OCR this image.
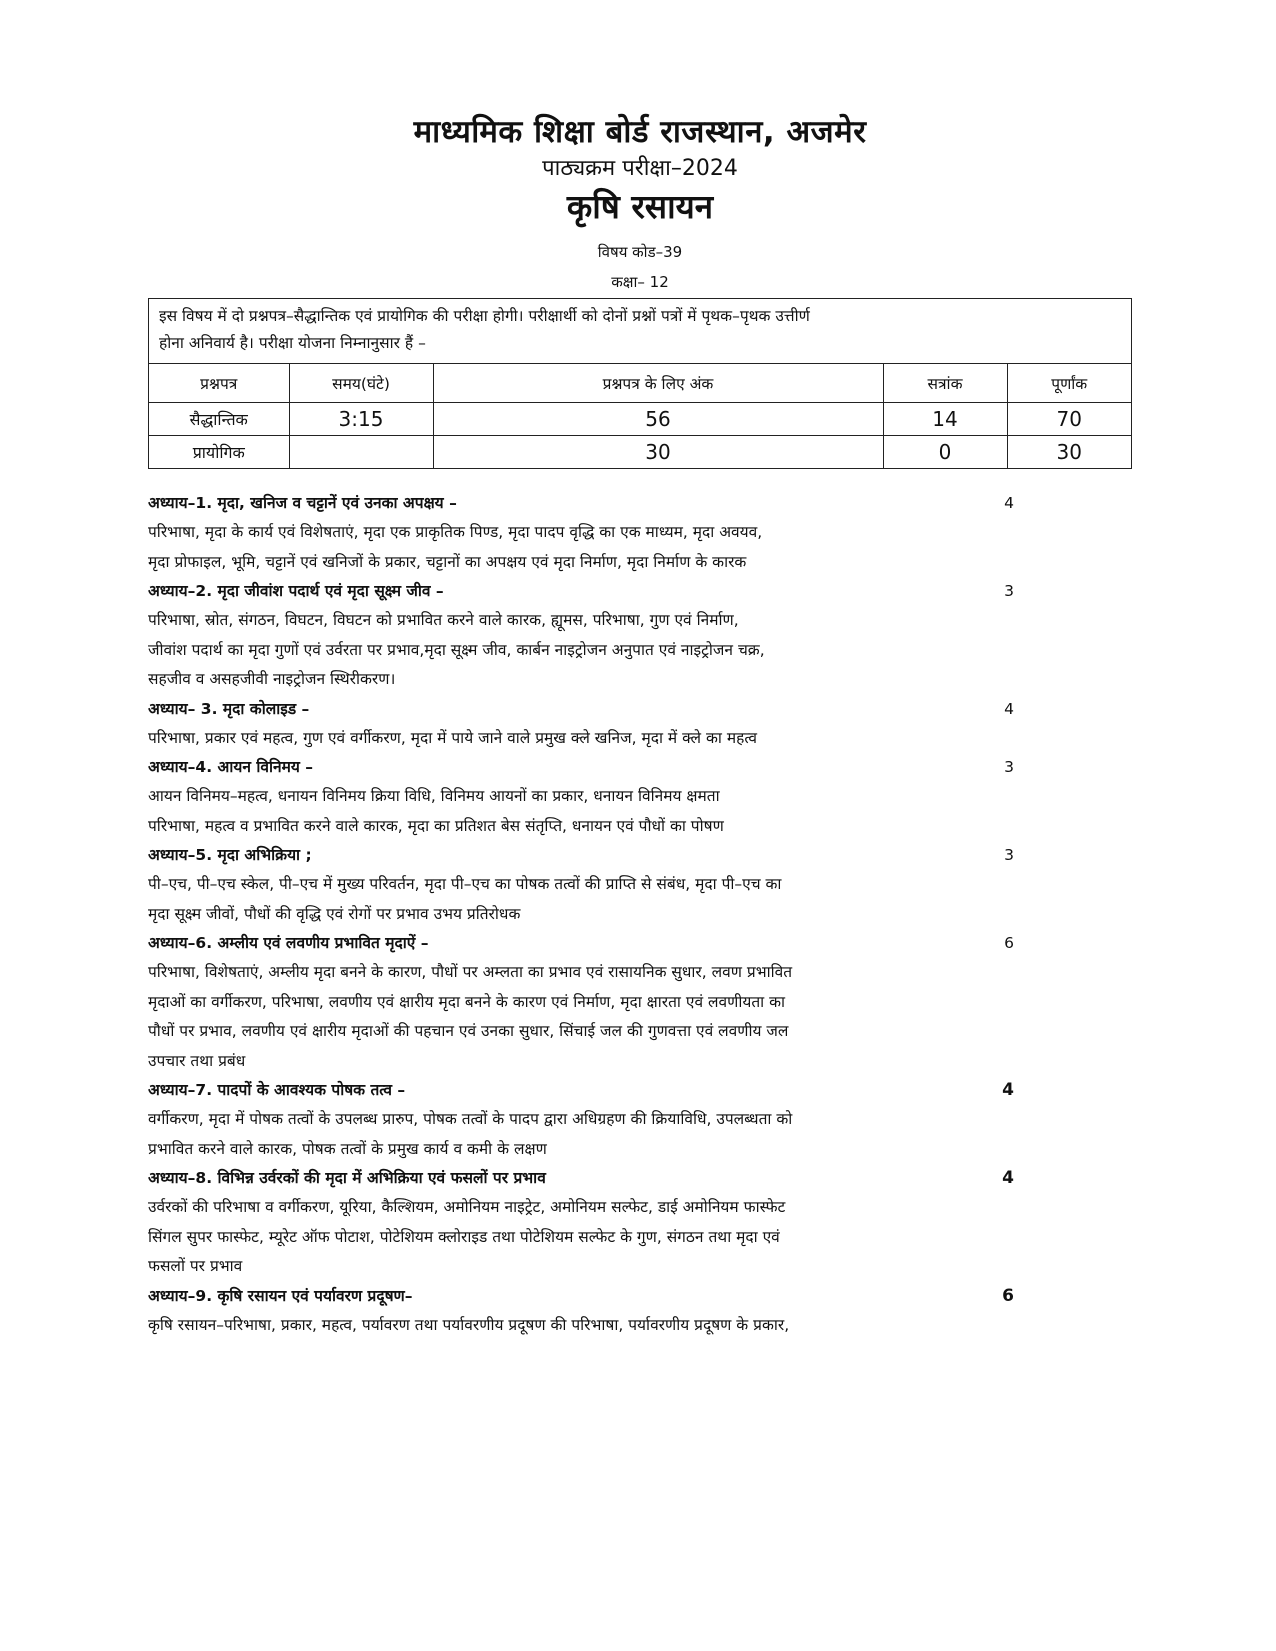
माध्यमिक शिक्षा बोर्ड राजस्थान, अजमेर
पाठ्यक्रम परीक्षा–2024
कृषि रसायन
विषय कोड–39
कक्षा– 12
इस विषय में दो प्रश्नपत्र–सैद्धान्तिक एवं प्रायोगिक की परीक्षा होगी। परीक्षार्थी को दोनों प्रश्नों पत्रों में पृथक–पृथक उत्तीर्ण
होना अनिवार्य है। परीक्षा योजना निम्नानुसार हैं –
प्रश्नपत्र	समय(घंटे)	प्रश्नपत्र के लिए अंक	सत्रांक	पूर्णांक
सैद्धान्तिक	3:15	56	14	70
प्रायोगिक		30	0	30
अध्याय–1. मृदा, खनिज व चट्टानें एवं उनका अपक्षय –	4
परिभाषा, मृदा के कार्य एवं विशेषताएं, मृदा एक प्राकृतिक पिण्ड, मृदा पादप वृद्धि का एक माध्यम, मृदा अवयव,
मृदा प्रोफाइल, भूमि, चट्टानें एवं खनिजों के प्रकार, चट्टानों का अपक्षय एवं मृदा निर्माण, मृदा निर्माण के कारक
अध्याय–2. मृदा जीवांश पदार्थ एवं मृदा सूक्ष्म जीव –	3
परिभाषा, स्रोत, संगठन, विघटन, विघटन को प्रभावित करने वाले कारक, ह्यूमस, परिभाषा, गुण एवं निर्माण,
जीवांश पदार्थ का मृदा गुणों एवं उर्वरता पर प्रभाव,मृदा सूक्ष्म जीव, कार्बन नाइट्रोजन अनुपात एवं नाइट्रोजन चक्र,
सहजीव व असहजीवी नाइट्रोजन स्थिरीकरण।
अध्याय– 3. मृदा कोलाइड –	4
परिभाषा, प्रकार एवं महत्व, गुण एवं वर्गीकरण, मृदा में पाये जाने वाले प्रमुख क्ले खनिज, मृदा में क्ले का महत्व
अध्याय–4. आयन विनिमय –	3
आयन विनिमय–महत्व, धनायन विनिमय क्रिया विधि, विनिमय आयनों का प्रकार, धनायन विनिमय क्षमता
परिभाषा, महत्व व प्रभावित करने वाले कारक, मृदा का प्रतिशत बेस संतृप्ति, धनायन एवं पौधों का पोषण
अध्याय–5. मृदा अभिक्रिया ;	3
पी–एच, पी–एच स्केल, पी–एच में मुख्य परिवर्तन, मृदा पी–एच का पोषक तत्वों की प्राप्ति से संबंध, मृदा पी–एच का
मृदा सूक्ष्म जीवों, पौधों की वृद्धि एवं रोगों पर प्रभाव उभय प्रतिरोधक
अध्याय–6. अम्लीय एवं लवणीय प्रभावित मृदाऐं –	6
परिभाषा, विशेषताएं, अम्लीय मृदा बनने के कारण, पौधों पर अम्लता का प्रभाव एवं रासायनिक सुधार, लवण प्रभावित
मृदाओं का वर्गीकरण, परिभाषा, लवणीय एवं क्षारीय मृदा बनने के कारण एवं निर्माण, मृदा क्षारता एवं लवणीयता का
पौधों पर प्रभाव, लवणीय एवं क्षारीय मृदाओं की पहचान एवं उनका सुधार, सिंचाई जल की गुणवत्ता एवं लवणीय जल
उपचार तथा प्रबंध
अध्याय–7. पादपों के आवश्यक पोषक तत्व –	4
वर्गीकरण, मृदा में पोषक तत्वों के उपलब्ध प्रारुप, पोषक तत्वों के पादप द्वारा अधिग्रहण की क्रियाविधि, उपलब्धता को
प्रभावित करने वाले कारक, पोषक तत्वों के प्रमुख कार्य व कमी के लक्षण
अध्याय–8. विभिन्न उर्वरकों की मृदा में अभिक्रिया एवं फसलों पर प्रभाव	4
उर्वरकों की परिभाषा व वर्गीकरण, यूरिया, कैल्शियम, अमोनियम नाइट्रेट, अमोनियम सल्फेट, डाई अमोनियम फास्फेट
सिंगल सुपर फास्फेट, म्यूरेट ऑफ पोटाश, पोटेशियम क्लोराइड तथा पोटेशियम सल्फेट के गुण, संगठन तथा मृदा एवं
फसलों पर प्रभाव
अध्याय–9. कृषि रसायन एवं पर्यावरण प्रदूषण–	6
कृषि रसायन–परिभाषा, प्रकार, महत्व, पर्यावरण तथा पर्यावरणीय प्रदूषण की परिभाषा, पर्यावरणीय प्रदूषण के प्रकार,
